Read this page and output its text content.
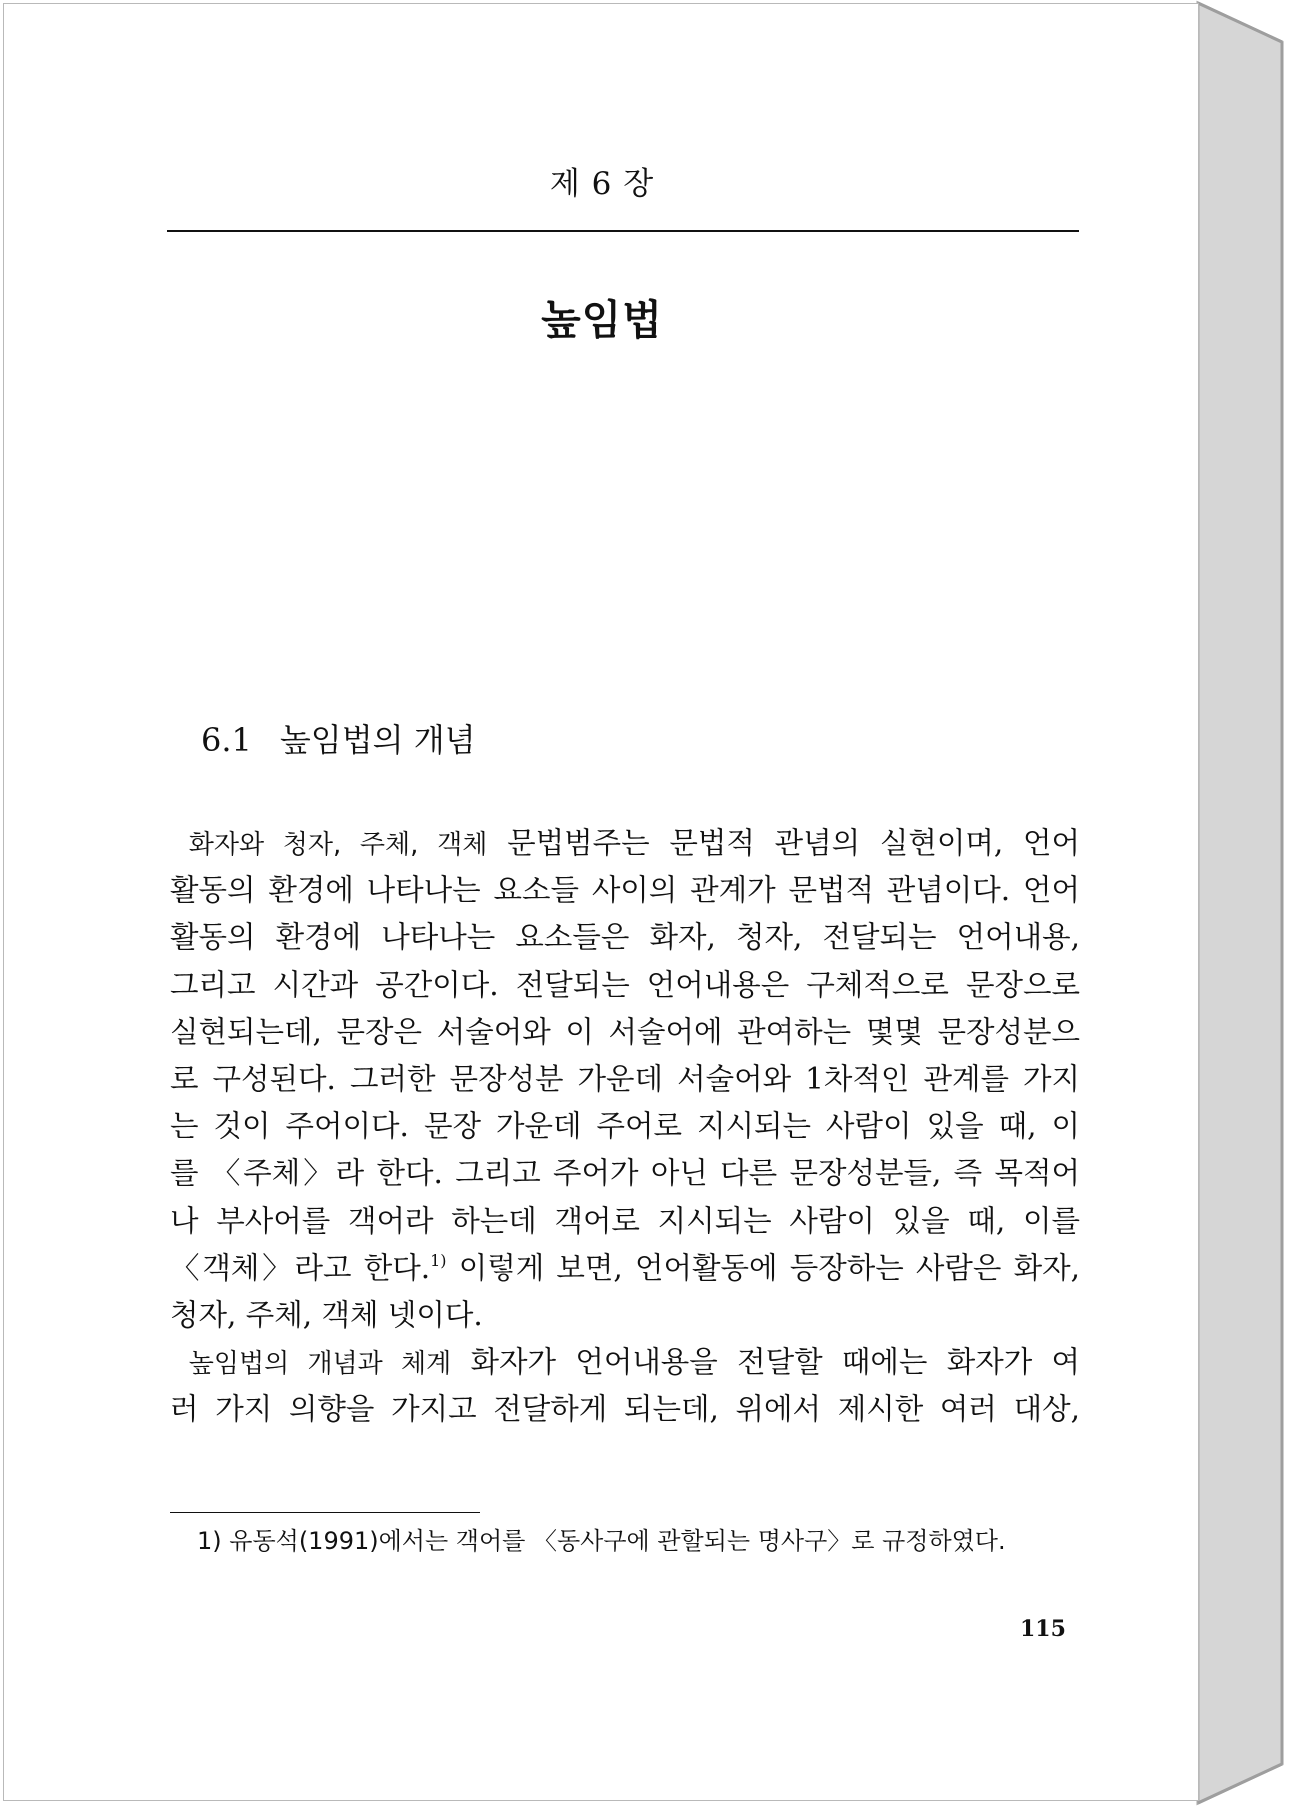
제 6 장
높임법
6.1 높임법의 개념
 화자와 청자, 주체, 객체 문법범주는 문법적 관념의 실현이며, 언어
활동의 환경에 나타나는 요소들 사이의 관계가 문법적 관념이다. 언어
활동의 환경에 나타나는 요소들은 화자, 청자, 전달되는 언어내용,
그리고 시간과 공간이다. 전달되는 언어내용은 구체적으로 문장으로
실현되는데, 문장은 서술어와 이 서술어에 관여하는 몇몇 문장성분으
로 구성된다. 그러한 문장성분 가운데 서술어와 1차적인 관계를 가지
는 것이 주어이다. 문장 가운데 주어로 지시되는 사람이 있을 때, 이
를 〈주체〉라 한다. 그리고 주어가 아닌 다른 문장성분들, 즉 목적어
나 부사어를 객어라 하는데 객어로 지시되는 사람이 있을 때, 이를
〈객체〉라고 한다.$^{1)}$ 이렇게 보면, 언어활동에 등장하는 사람은 화자,
청자, 주체, 객체 넷이다.
 높임법의 개념과 체계 화자가 언어내용을 전달할 때에는 화자가 여
러 가지 의향을 가지고 전달하게 되는데, 위에서 제시한 여러 대상,
1) 유동석(1991)에서는 객어를 〈동사구에 관할되는 명사구〉로 규정하였다.
115
